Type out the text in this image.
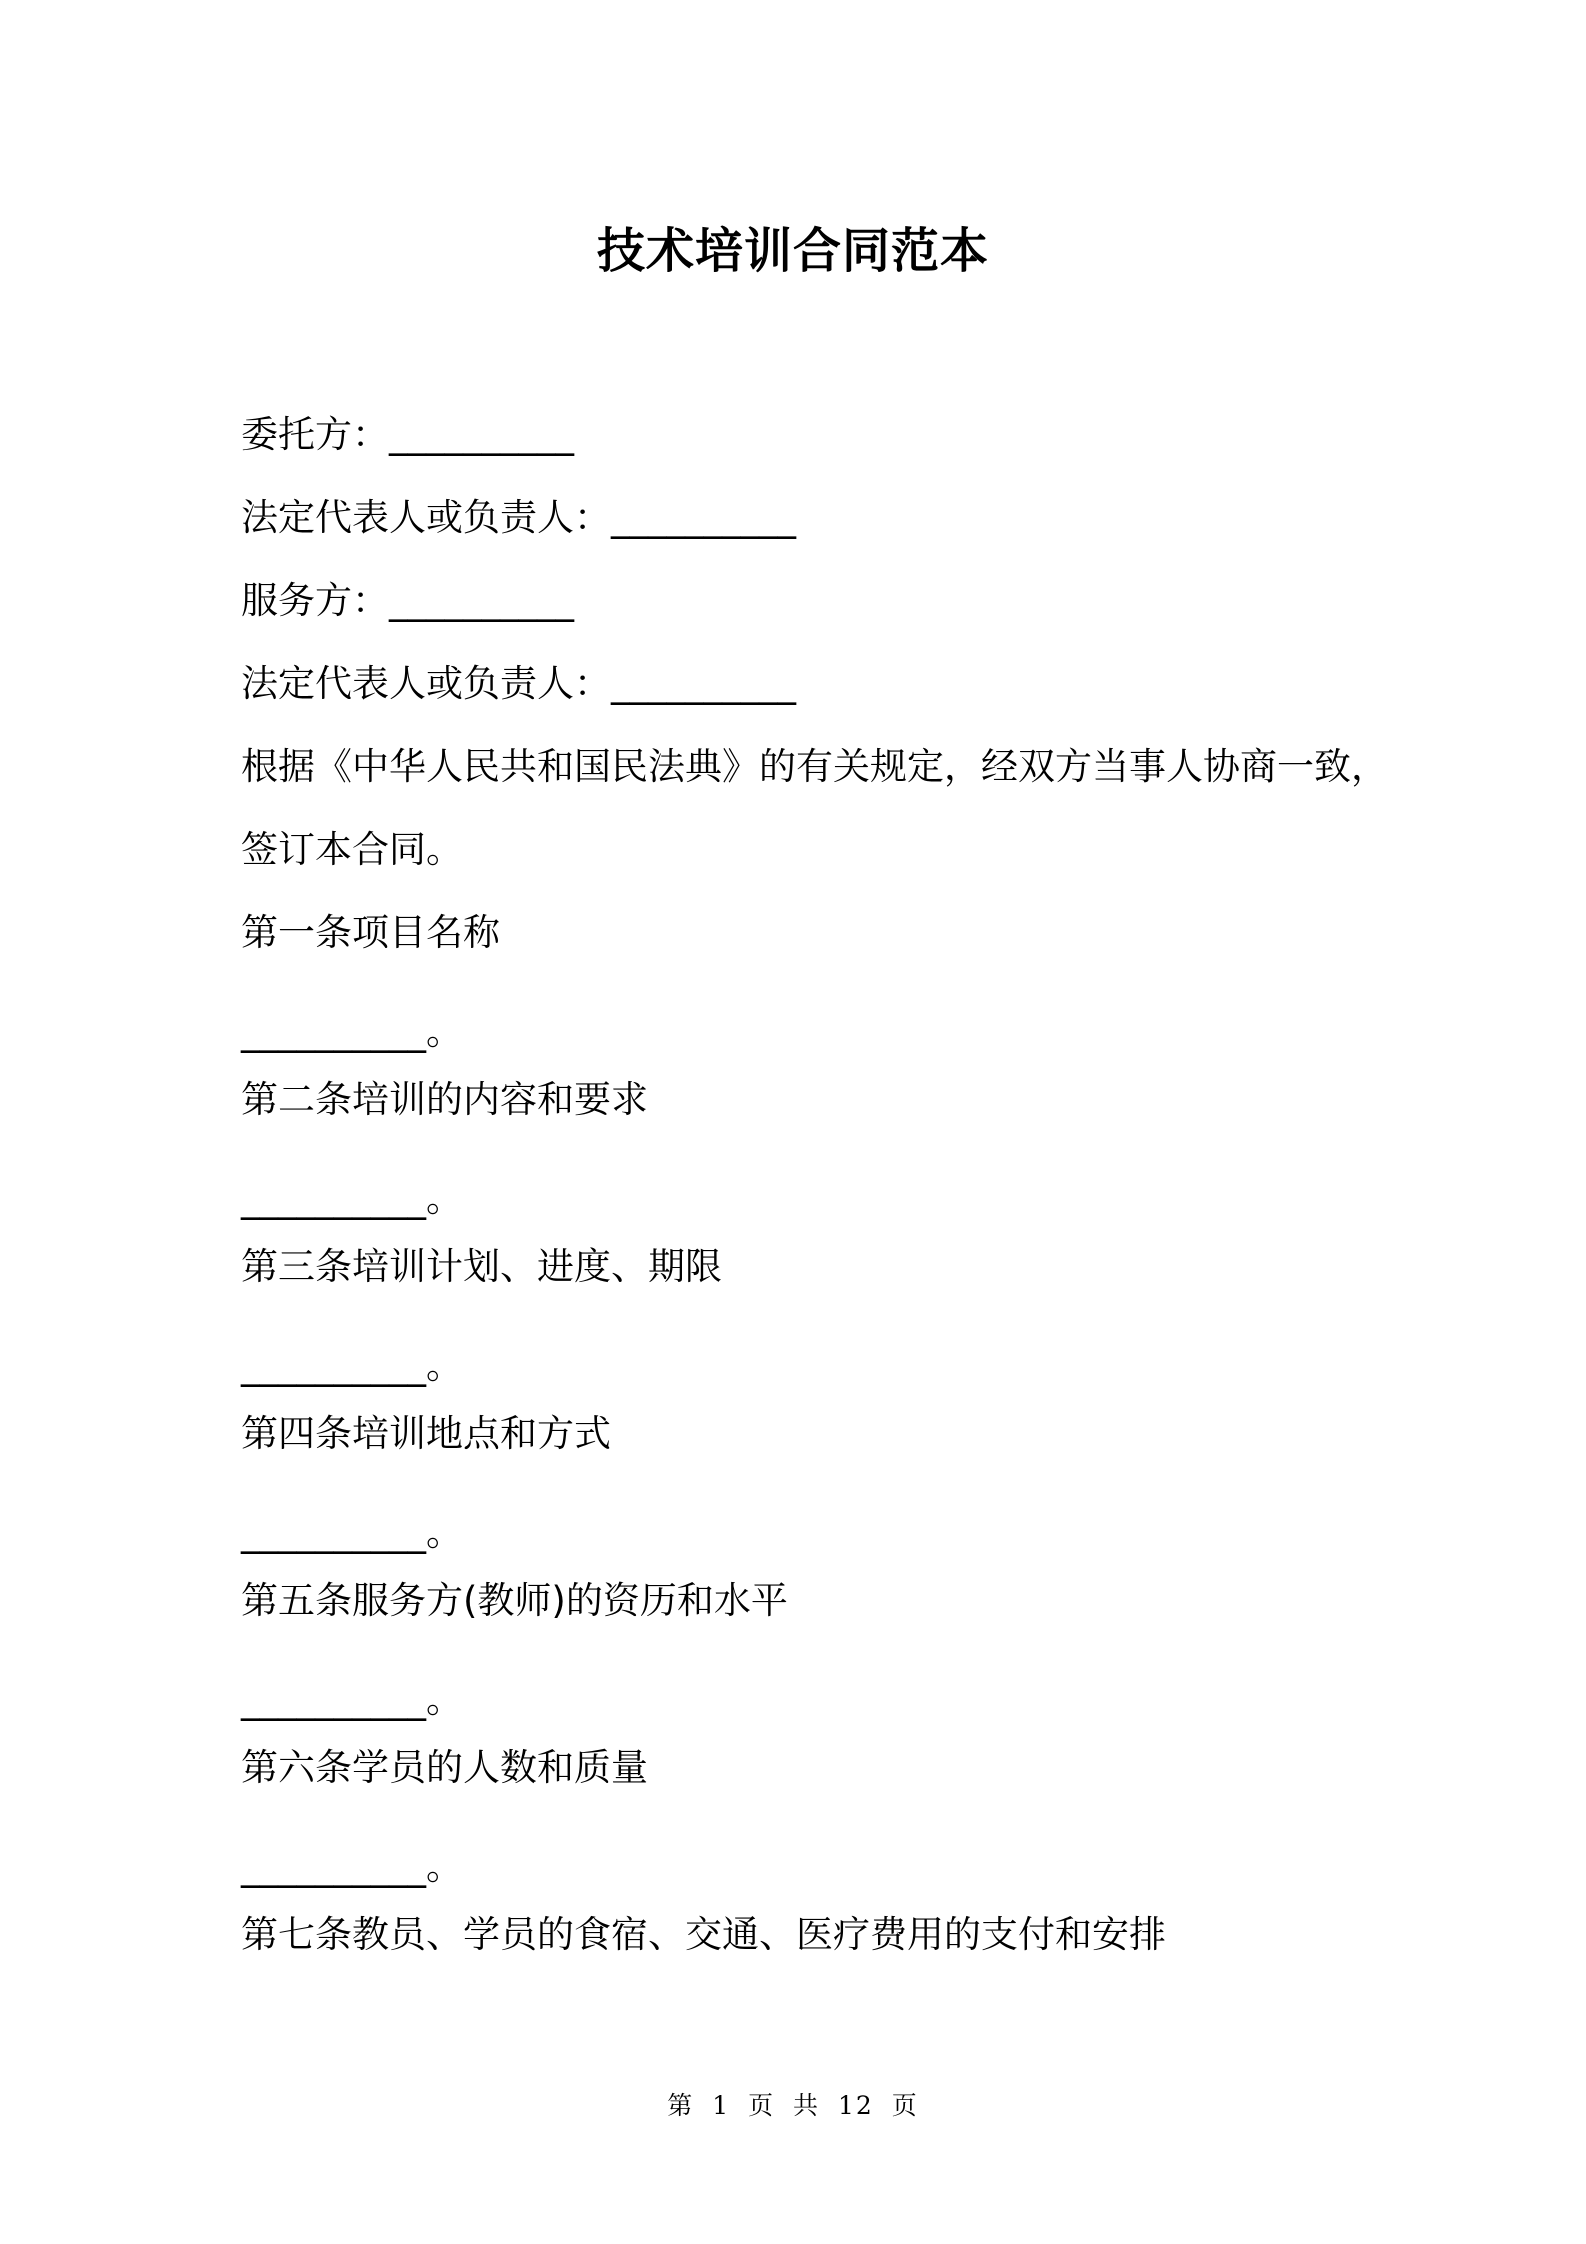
技术培训合同范本
委托方：__________
法定代表人或负责人：__________
服务方：__________
法定代表人或负责人：__________
根据《中华人民共和国民法典》的有关规定，经双方当事人协商一致，
签订本合同。
第一条项目名称
__________。
第二条培训的内容和要求
__________。
第三条培训计划、进度、期限
__________。
第四条培训地点和方式
__________。
第五条服务方(教师)的资历和水平
__________。
第六条学员的人数和质量
__________。
第七条教员、学员的食宿、交通、医疗费用的支付和安排
第 1 页 共 12 页
